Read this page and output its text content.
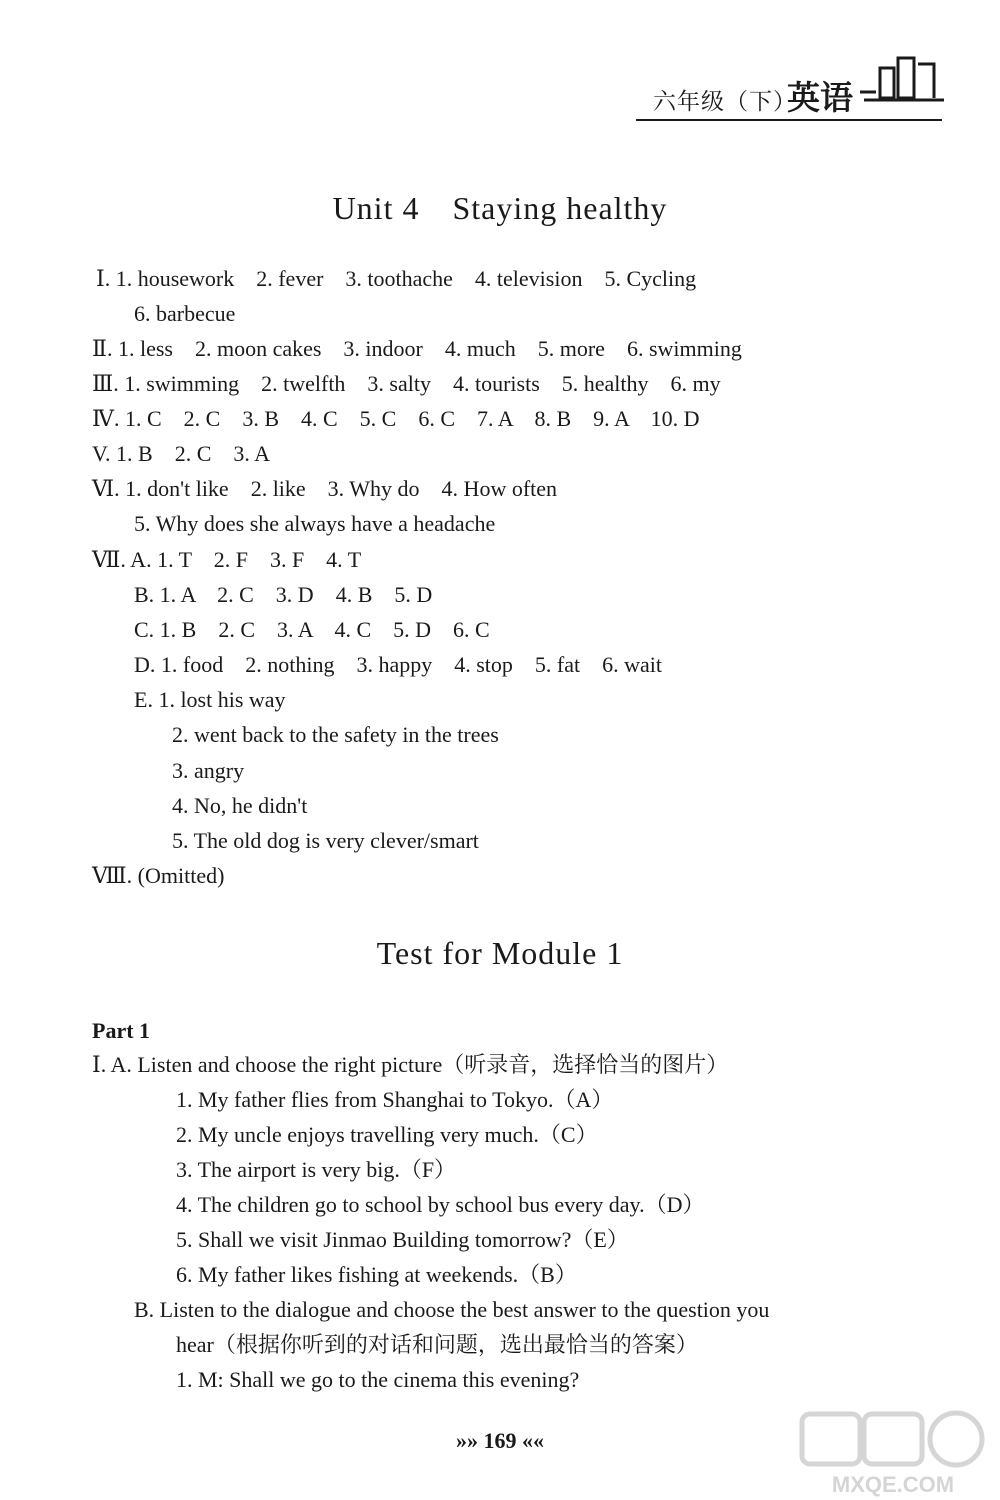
六年级（下）
英语
Unit 4　Staying healthy
Ⅰ. 1. housework　2. fever　3. toothache　4. television　5. Cycling
6. barbecue
Ⅱ. 1. less　2. moon cakes　3. indoor　4. much　5. more　6. swimming
Ⅲ. 1. swimming　2. twelfth　3. salty　4. tourists　5. healthy　6. my
Ⅳ. 1. C　2. C　3. B　4. C　5. C　6. C　7. A　8. B　9. A　10. D
V. 1. B　2. C　3. A
Ⅵ. 1. don't like　2. like　3. Why do　4. How often
5. Why does she always have a headache
Ⅶ. A. 1. T　2. F　3. F　4. T
B. 1. A　2. C　3. D　4. B　5. D
C. 1. B　2. C　3. A　4. C　5. D　6. C
D. 1. food　2. nothing　3. happy　4. stop　5. fat　6. wait
E. 1. lost his way
2. went back to the safety in the trees
3. angry
4. No, he didn't
5. The old dog is very clever/smart
Ⅷ. (Omitted)
Test for Module 1
Part 1
Ⅰ. A. Listen and choose the right picture（听录音，选择恰当的图片）
1. My father flies from Shanghai to Tokyo.（A）
2. My uncle enjoys travelling very much.（C）
3. The airport is very big.（F）
4. The children go to school by school bus every day.（D）
5. Shall we visit Jinmao Building tomorrow?（E）
6. My father likes fishing at weekends.（B）
B. Listen to the dialogue and choose the best answer to the question you
hear（根据你听到的对话和问题，选出最恰当的答案）
1. M: Shall we go to the cinema this evening?
»» 169 ««
MXQE.COM
